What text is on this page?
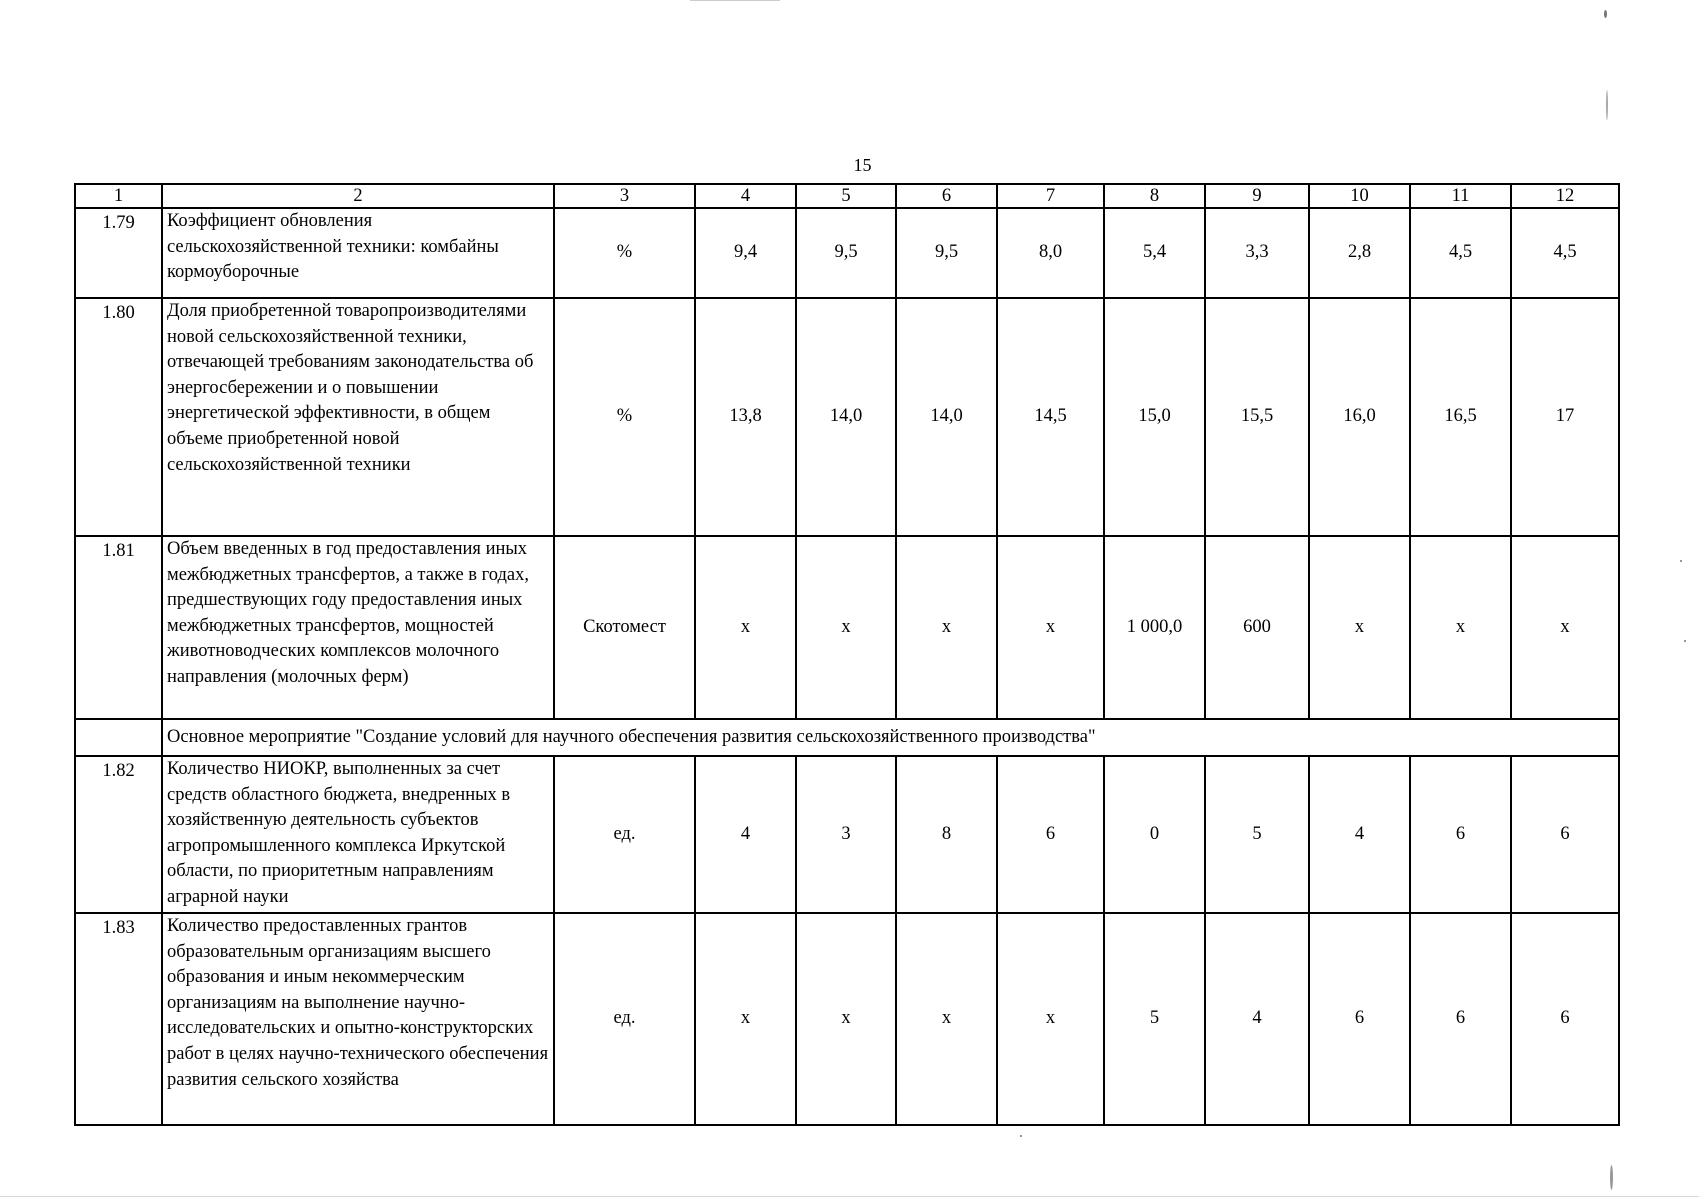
15
1	2	3	4	5	6	7	8	9	10	11	12
1.79	Коэффициент обновления сельскохозяйственной техники: комбайны кормоуборочные	%	9,4	9,5	9,5	8,0	5,4	3,3	2,8	4,5	4,5
1.80	Доля приобретенной товаропроизводителями новой сельскохозяйственной техники, отвечающей требованиям законодательства об энергосбережении и о повышении энергетической эффективности, в общем объеме приобретенной новой сельскохозяйственной техники	%	13,8	14,0	14,0	14,5	15,0	15,5	16,0	16,5	17
1.81	Объем введенных в год предоставления иных межбюджетных трансфертов, а также в годах, предшествующих году предоставления иных межбюджетных трансфертов, мощностей животноводческих комплексов молочного направления (молочных ферм)	Скотомест	х	х	х	х	1 000,0	600	х	х	х
	Основное мероприятие "Создание условий для научного обеспечения развития сельскохозяйственного производства"										
1.82	Количество НИОКР, выполненных за счет средств областного бюджета, внедренных в хозяйственную деятельность субъектов агропромышленного комплекса Иркутской области, по приоритетным направлениям аграрной науки	ед.	4	3	8	6	0	5	4	6	6
1.83	Количество предоставленных грантов образовательным организациям высшего образования и иным некоммерческим организациям на выполнение научно-исследовательских и опытно-конструкторских работ в целях научно-технического обеспечения развития сельского хозяйства	ед.	х	х	х	х	5	4	6	6	6
